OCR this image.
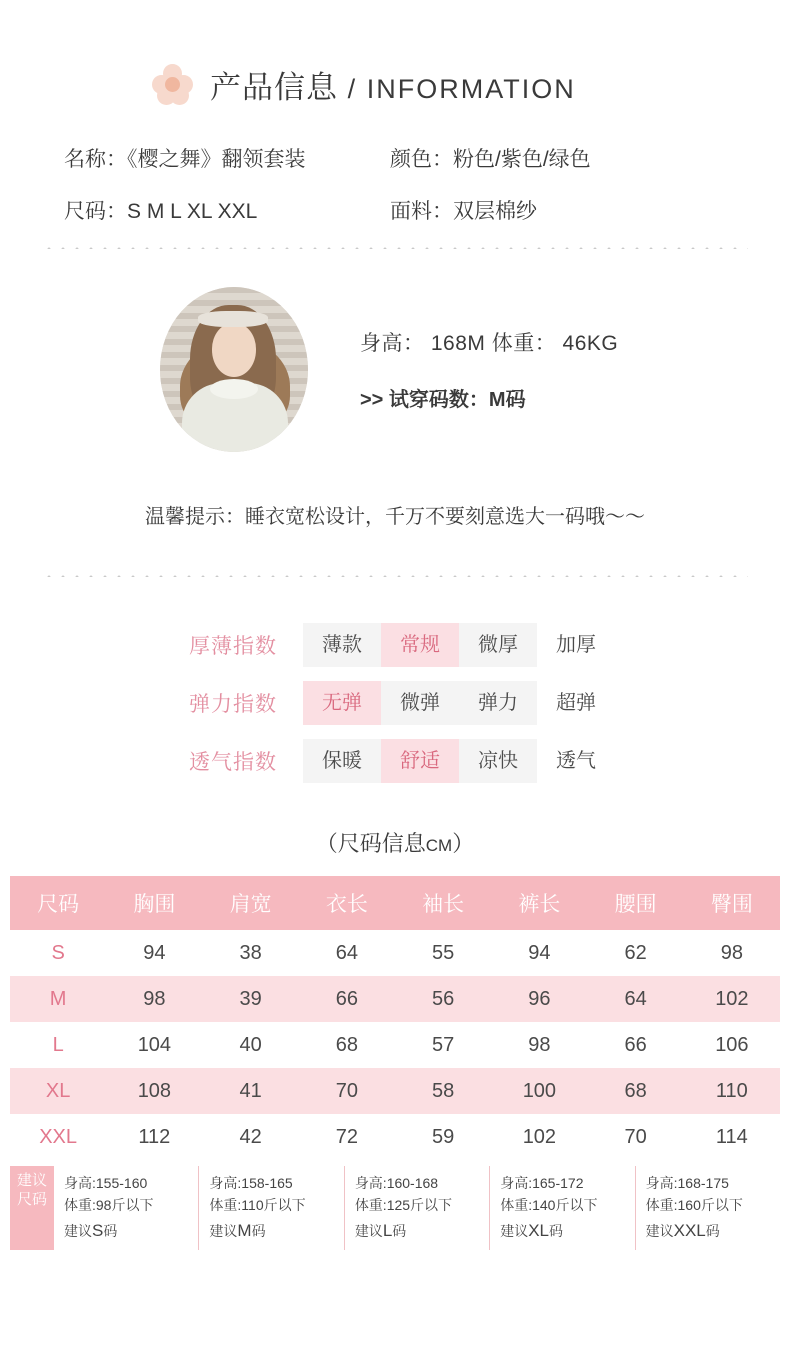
产品信息 / INFORMATION
名称：《樱之舞》翻领套装	颜色：粉色/紫色/绿色
尺码：S M L XL XXL	面料：双层棉纱
身高： 168M 体重： 46KG
>> 试穿码数：M码
温馨提示：睡衣宽松设计，千万不要刻意选大一码哦～～
厚薄指数	薄款	常规	微厚	加厚
弹力指数	无弹	微弹	弹力	超弹
透气指数	保暖	舒适	凉快	透气
（尺码信息CM）
尺码	胸围	肩宽	衣长	袖长	裤长	腰围	臀围
S	94	38	64	55	94	62	98
M	98	39	66	56	96	64	102
L	104	40	68	57	98	66	106
XL	108	41	70	58	100	68	110
XXL	112	42	72	59	102	70	114
建议尺码
身高:155-160
体重:98斤以下
建议S码
身高:158-165
体重:110斤以下
建议M码
身高:160-168
体重:125斤以下
建议L码
身高:165-172
体重:140斤以下
建议XL码
身高:168-175
体重:160斤以下
建议XXL码
